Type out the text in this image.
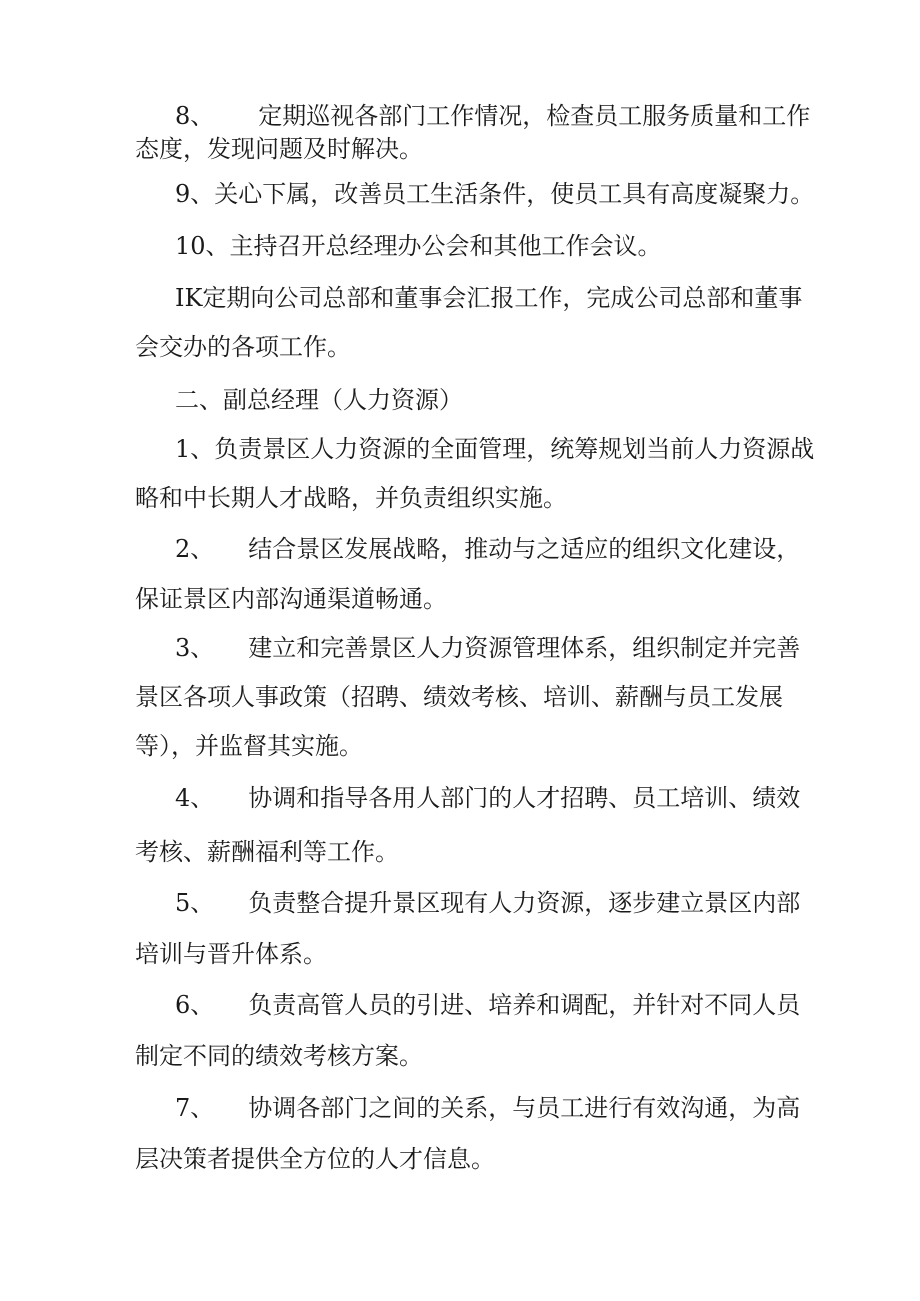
8、 定期巡视各部门工作情况，检查员工服务质量和工作
态度，发现问题及时解决。
9、关心下属，改善员工生活条件，使员工具有高度凝聚力。
10、主持召开总经理办公会和其他工作会议。
IK定期向公司总部和董事会汇报工作，完成公司总部和董事
会交办的各项工作。
二、副总经理（人力资源）
1、负责景区人力资源的全面管理，统筹规划当前人力资源战
略和中长期人才战略，并负责组织实施。
2、 结合景区发展战略，推动与之适应的组织文化建设，
保证景区内部沟通渠道畅通。
3、 建立和完善景区人力资源管理体系，组织制定并完善
景区各项人事政策（招聘、绩效考核、培训、薪酬与员工发展
等），并监督其实施。
4、 协调和指导各用人部门的人才招聘、员工培训、绩效
考核、薪酬福利等工作。
5、 负责整合提升景区现有人力资源，逐步建立景区内部
培训与晋升体系。
6、 负责高管人员的引进、培养和调配，并针对不同人员
制定不同的绩效考核方案。
7、 协调各部门之间的关系，与员工进行有效沟通，为高
层决策者提供全方位的人才信息。
